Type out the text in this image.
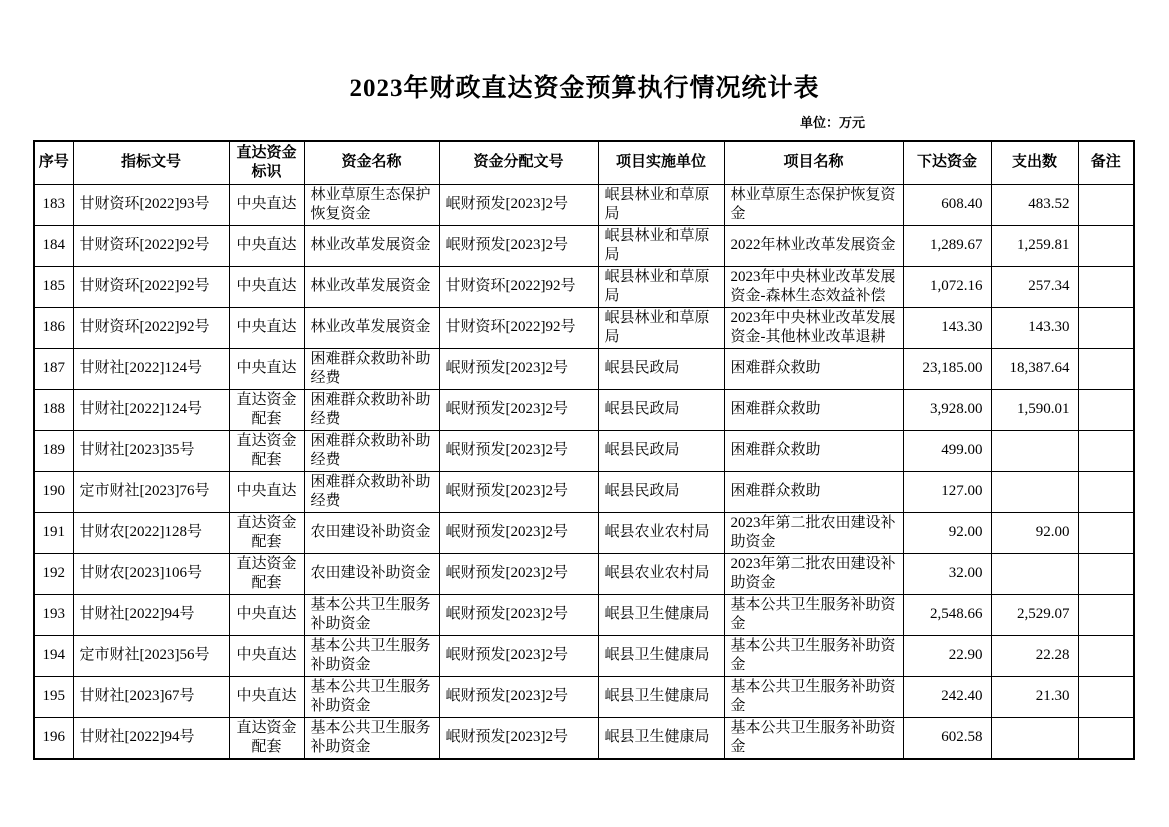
2023年财政直达资金预算执行情况统计表
单位：万元
序号	指标文号	直达资金标识	资金名称	资金分配文号	项目实施单位	项目名称	下达资金	支出数	备注
183	甘财资环[2022]93号	中央直达	林业草原生态保护恢复资金	岷财预发[2023]2号	岷县林业和草原局	林业草原生态保护恢复资金	608.40	483.52	
184	甘财资环[2022]92号	中央直达	林业改革发展资金	岷财预发[2023]2号	岷县林业和草原局	2022年林业改革发展资金	1,289.67	1,259.81	
185	甘财资环[2022]92号	中央直达	林业改革发展资金	甘财资环[2022]92号	岷县林业和草原局	2023年中央林业改革发展资金-森林生态效益补偿	1,072.16	257.34	
186	甘财资环[2022]92号	中央直达	林业改革发展资金	甘财资环[2022]92号	岷县林业和草原局	2023年中央林业改革发展资金-其他林业改革退耕	143.30	143.30	
187	甘财社[2022]124号	中央直达	困难群众救助补助经费	岷财预发[2023]2号	岷县民政局	困难群众救助	23,185.00	18,387.64	
188	甘财社[2022]124号	直达资金配套	困难群众救助补助经费	岷财预发[2023]2号	岷县民政局	困难群众救助	3,928.00	1,590.01	
189	甘财社[2023]35号	直达资金配套	困难群众救助补助经费	岷财预发[2023]2号	岷县民政局	困难群众救助	499.00		
190	定市财社[2023]76号	中央直达	困难群众救助补助经费	岷财预发[2023]2号	岷县民政局	困难群众救助	127.00		
191	甘财农[2022]128号	直达资金配套	农田建设补助资金	岷财预发[2023]2号	岷县农业农村局	2023年第二批农田建设补助资金	92.00	92.00	
192	甘财农[2023]106号	直达资金配套	农田建设补助资金	岷财预发[2023]2号	岷县农业农村局	2023年第二批农田建设补助资金	32.00		
193	甘财社[2022]94号	中央直达	基本公共卫生服务补助资金	岷财预发[2023]2号	岷县卫生健康局	基本公共卫生服务补助资金	2,548.66	2,529.07	
194	定市财社[2023]56号	中央直达	基本公共卫生服务补助资金	岷财预发[2023]2号	岷县卫生健康局	基本公共卫生服务补助资金	22.90	22.28	
195	甘财社[2023]67号	中央直达	基本公共卫生服务补助资金	岷财预发[2023]2号	岷县卫生健康局	基本公共卫生服务补助资金	242.40	21.30	
196	甘财社[2022]94号	直达资金配套	基本公共卫生服务补助资金	岷财预发[2023]2号	岷县卫生健康局	基本公共卫生服务补助资金	602.58		
